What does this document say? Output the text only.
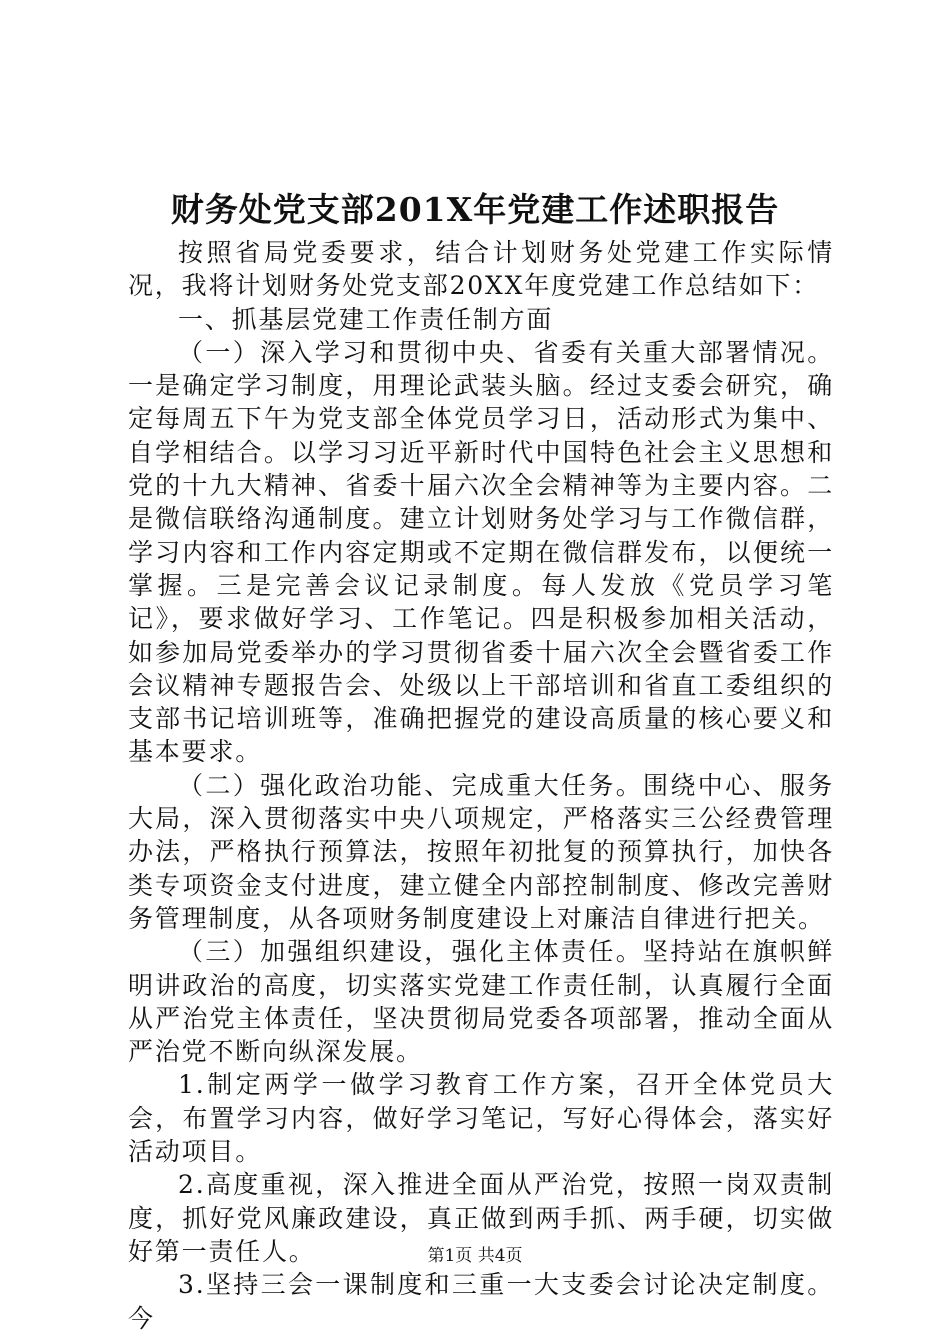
财务处党支部201X年党建工作述职报告

按照省局党委要求，结合计划财务处党建工作实际情况，我将计划财务处党支部20XX年度党建工作总结如下：

一、抓基层党建工作责任制方面

（一）深入学习和贯彻中央、省委有关重大部署情况。一是确定学习制度，用理论武装头脑。经过支委会研究，确定每周五下午为党支部全体党员学习日，活动形式为集中、自学相结合。以学习习近平新时代中国特色社会主义思想和党的十九大精神、省委十届六次全会精神等为主要内容。二是微信联络沟通制度。建立计划财务处学习与工作微信群，学习内容和工作内容定期或不定期在微信群发布，以便统一掌握。三是完善会议记录制度。每人发放《党员学习笔记》，要求做好学习、工作笔记。四是积极参加相关活动，如参加局党委举办的学习贯彻省委十届六次全会暨省委工作会议精神专题报告会、处级以上干部培训和省直工委组织的支部书记培训班等，准确把握党的建设高质量的核心要义和基本要求。

（二）强化政治功能、完成重大任务。围绕中心、服务大局，深入贯彻落实中央八项规定，严格落实三公经费管理办法，严格执行预算法，按照年初批复的预算执行，加快各类专项资金支付进度，建立健全内部控制制度、修改完善财务管理制度，从各项财务制度建设上对廉洁自律进行把关。

（三）加强组织建设，强化主体责任。坚持站在旗帜鲜明讲政治的高度，切实落实党建工作责任制，认真履行全面从严治党主体责任，坚决贯彻局党委各项部署，推动全面从严治党不断向纵深发展。

1.制定两学一做学习教育工作方案，召开全体党员大会，布置学习内容，做好学习笔记，写好心得体会，落实好活动项目。

2.高度重视，深入推进全面从严治党，按照一岗双责制度，抓好党风廉政建设，真正做到两手抓、两手硬，切实做好第一责任人。

3.坚持三会一课制度和三重一大支委会讨论决定制度。今

第1页 共4页
